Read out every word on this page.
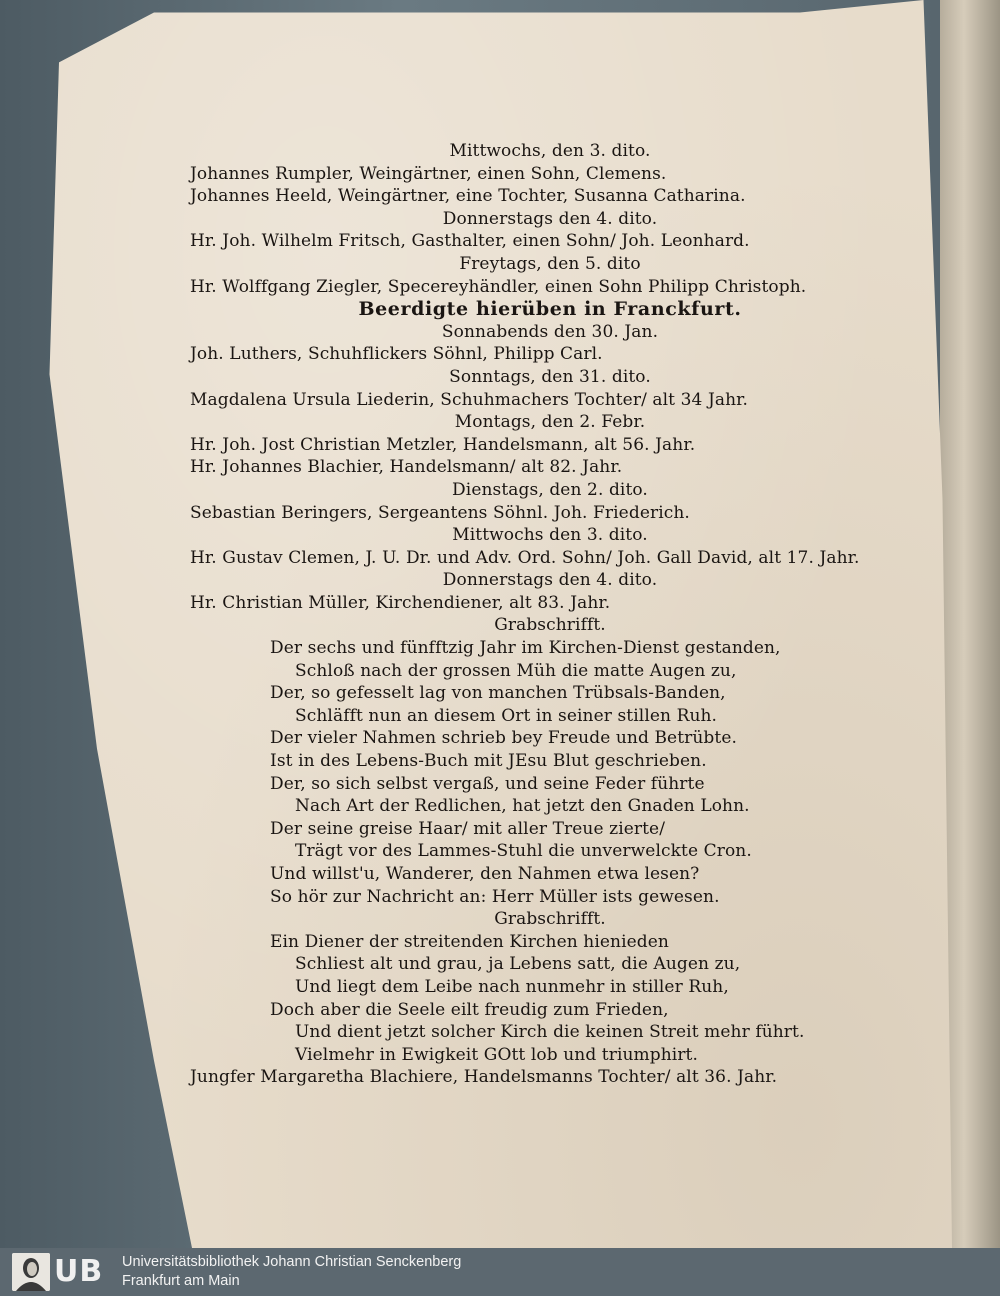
Mittwochs, den 3. dito.
Johannes Rumpler, Weingärtner, einen Sohn, Clemens.
Johannes Heeld, Weingärtner, eine Tochter, Susanna Catharina.
Donnerstags den 4. dito.
Hr. Joh. Wilhelm Fritsch, Gasthalter, einen Sohn/ Joh. Leonhard.
Freytags, den 5. dito
Hr. Wolffgang Ziegler, Specereyhändler, einen Sohn Philipp Christoph.
Beerdigte hierüben in Franckfurt.
Sonnabends den 30. Jan.
Joh. Luthers, Schuhflickers Söhnl, Philipp Carl.
Sonntags, den 31. dito.
Magdalena Ursula Liederin, Schuhmachers Tochter/ alt 34 Jahr.
Montags, den 2. Febr.
Hr. Joh. Jost Christian Metzler, Handelsmann, alt 56. Jahr.
Hr. Johannes Blachier, Handelsmann/ alt 82. Jahr.
Dienstags, den 2. dito.
Sebastian Beringers, Sergeantens Söhnl. Joh. Friederich.
Mittwochs den 3. dito.
Hr. Gustav Clemen, J. U. Dr. und Adv. Ord. Sohn/ Joh. Gall David, alt 17. Jahr.
Donnerstags den 4. dito.
Hr. Christian Müller, Kirchendiener, alt 83. Jahr.
Grabschrifft.
Der sechs und fünfftzig Jahr im Kirchen-Dienst gestanden,
Schloß nach der grossen Müh die matte Augen zu,
Der, so gefesselt lag von manchen Trübsals-Banden,
Schläfft nun an diesem Ort in seiner stillen Ruh.
Der vieler Nahmen schrieb bey Freude und Betrübte.
Ist in des Lebens-Buch mit JEsu Blut geschrieben.
Der, so sich selbst vergaß, und seine Feder führte
Nach Art der Redlichen, hat jetzt den Gnaden Lohn.
Der seine greise Haar/ mit aller Treue zierte/
Trägt vor des Lammes-Stuhl die unverwelckte Cron.
Und willst'u, Wanderer, den Nahmen etwa lesen?
So hör zur Nachricht an: Herr Müller ists gewesen.
Grabschrifft.
Ein Diener der streitenden Kirchen hienieden
Schliest alt und grau, ja Lebens satt, die Augen zu,
Und liegt dem Leibe nach nunmehr in stiller Ruh,
Doch aber die Seele eilt freudig zum Frieden,
Und dient jetzt solcher Kirch die keinen Streit mehr führt.
Vielmehr in Ewigkeit GOtt lob und triumphirt.
Jungfer Margaretha Blachiere, Handelsmanns Tochter/ alt 36. Jahr.
UB Universitätsbibliothek Johann Christian Senckenberg
Frankfurt am Main
